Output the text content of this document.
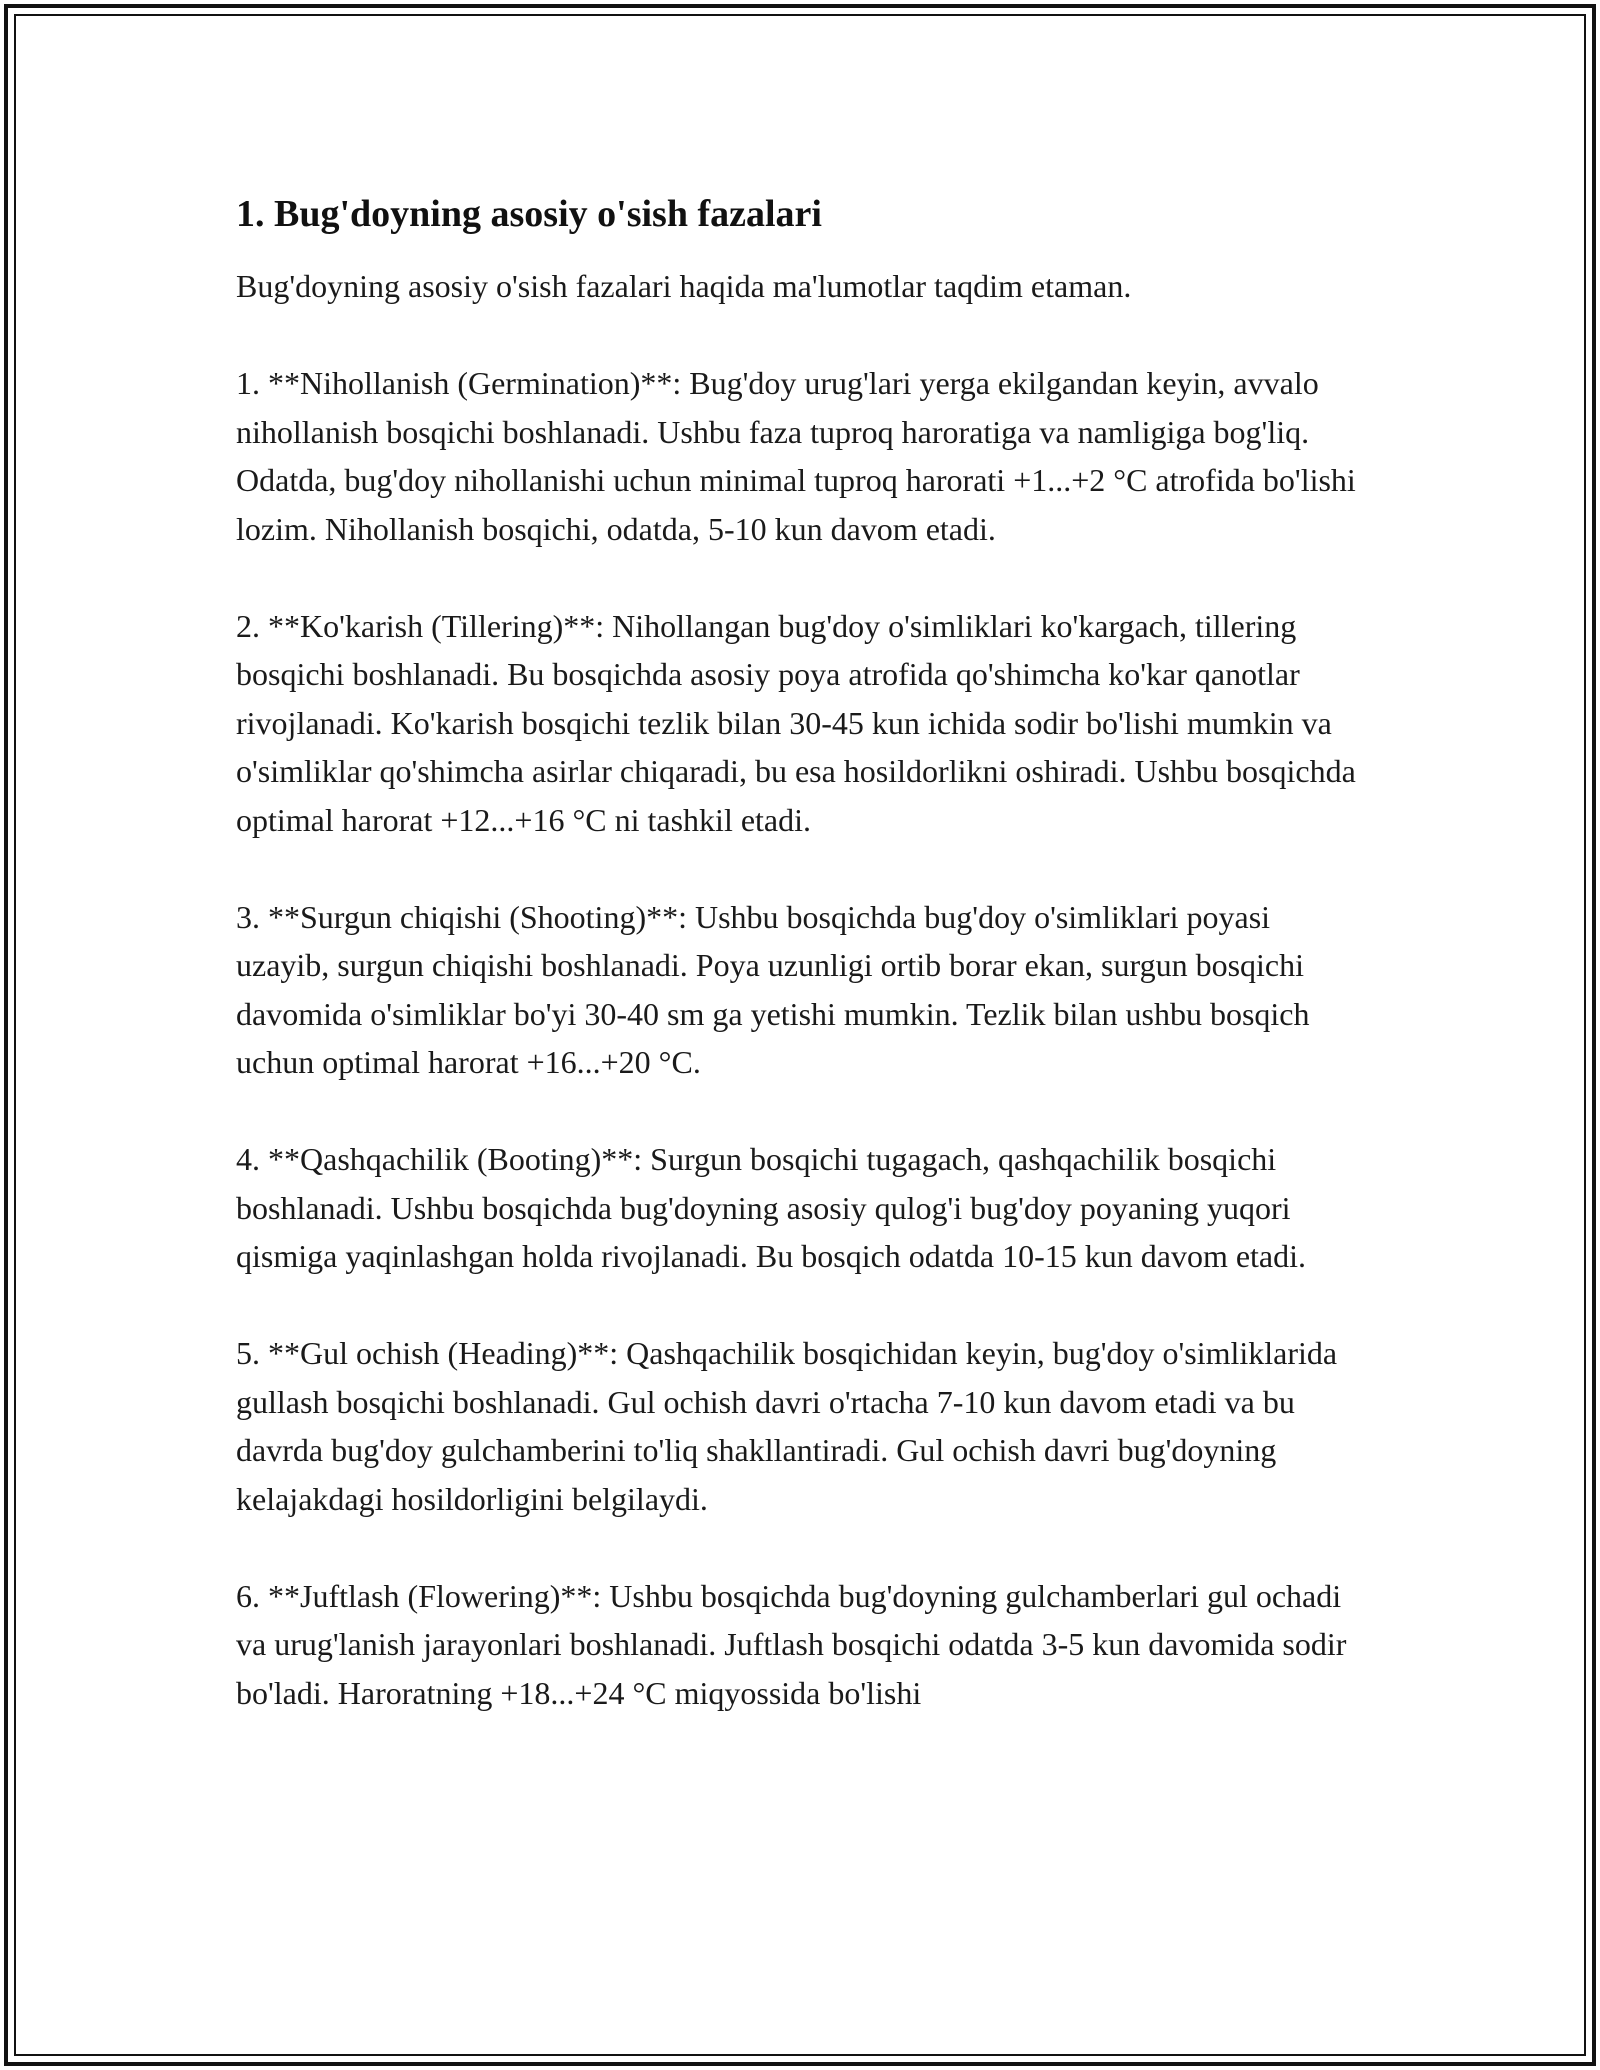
1. Bug'doyning asosiy o'sish fazalari

Bug'doyning asosiy o'sish fazalari haqida ma'lumotlar taqdim etaman.

1. **Nihollanish (Germination)**: Bug'doy urug'lari yerga ekilgandan keyin, avvalo nihollanish bosqichi boshlanadi. Ushbu faza tuproq haroratiga va namligiga bog'liq. Odatda, bug'doy nihollanishi uchun minimal tuproq harorati +1...+2 °C atrofida bo'lishi lozim. Nihollanish bosqichi, odatda, 5-10 kun davom etadi.

2. **Ko'karish (Tillering)**: Nihollangan bug'doy o'simliklari ko'kargach, tillering bosqichi boshlanadi. Bu bosqichda asosiy poya atrofida qo'shimcha ko'kar qanotlar rivojlanadi. Ko'karish bosqichi tezlik bilan 30-45 kun ichida sodir bo'lishi mumkin va o'simliklar qo'shimcha asirlar chiqaradi, bu esa hosildorlikni oshiradi. Ushbu bosqichda optimal harorat +12...+16 °C ni tashkil etadi.

3. **Surgun chiqishi (Shooting)**: Ushbu bosqichda bug'doy o'simliklari poyasi uzayib, surgun chiqishi boshlanadi. Poya uzunligi ortib borar ekan, surgun bosqichi davomida o'simliklar bo'yi 30-40 sm ga yetishi mumkin. Tezlik bilan ushbu bosqich uchun optimal harorat +16...+20 °C.

4. **Qashqachilik (Booting)**: Surgun bosqichi tugagach, qashqachilik bosqichi boshlanadi. Ushbu bosqichda bug'doyning asosiy qulog'i bug'doy poyaning yuqori qismiga yaqinlashgan holda rivojlanadi. Bu bosqich odatda 10-15 kun davom etadi.

5. **Gul ochish (Heading)**: Qashqachilik bosqichidan keyin, bug'doy o'simliklarida gullash bosqichi boshlanadi. Gul ochish davri o'rtacha 7-10 kun davom etadi va bu davrda bug'doy gulchamberini to'liq shakllantiradi. Gul ochish davri bug'doyning kelajakdagi hosildorligini belgilaydi.

6. **Juftlash (Flowering)**: Ushbu bosqichda bug'doyning gulchamberlari gul ochadi va urug'lanish jarayonlari boshlanadi. Juftlash bosqichi odatda 3-5 kun davomida sodir bo'ladi. Haroratning +18...+24 °C miqyossida bo'lishi
